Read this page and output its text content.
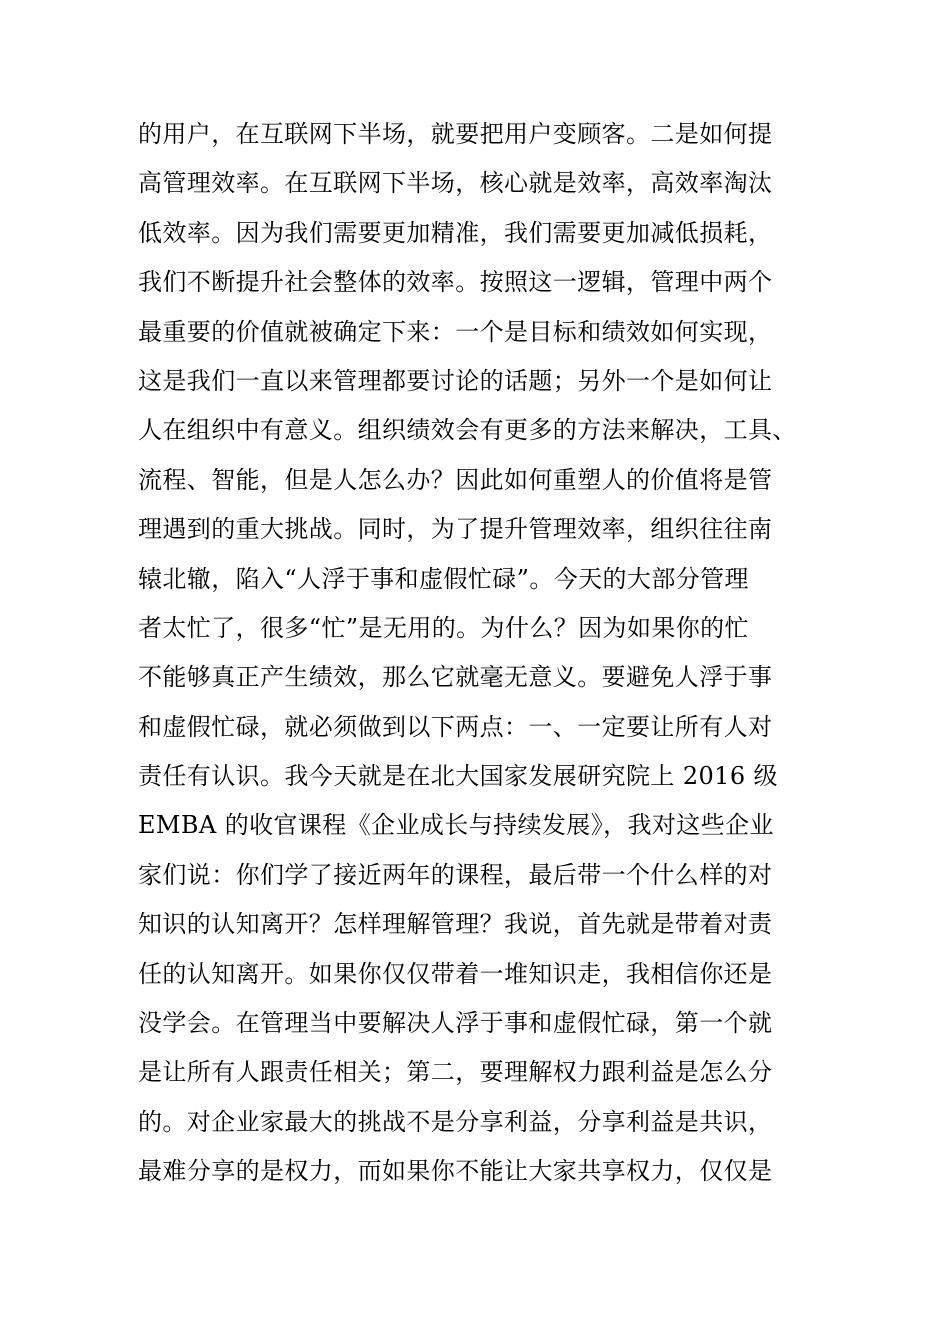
的用户，在互联网下半场，就要把用户变顾客。二是如何提
高管理效率。在互联网下半场，核心就是效率，高效率淘汰
低效率。因为我们需要更加精准，我们需要更加减低损耗，
我们不断提升社会整体的效率。按照这一逻辑，管理中两个
最重要的价值就被确定下来：一个是目标和绩效如何实现，
这是我们一直以来管理都要讨论的话题；另外一个是如何让
人在组织中有意义。组织绩效会有更多的方法来解决，工具、
流程、智能，但是人怎么办？因此如何重塑人的价值将是管
理遇到的重大挑战。同时，为了提升管理效率，组织往往南
辕北辙，陷入“人浮于事和虚假忙碌”。今天的大部分管理
者太忙了，很多“忙”是无用的。为什么？因为如果你的忙
不能够真正产生绩效，那么它就毫无意义。要避免人浮于事
和虚假忙碌，就必须做到以下两点：一、一定要让所有人对
责任有认识。我今天就是在北大国家发展研究院上 2016 级
EMBA 的收官课程《企业成长与持续发展》，我对这些企业
家们说：你们学了接近两年的课程，最后带一个什么样的对
知识的认知离开？怎样理解管理？我说，首先就是带着对责
任的认知离开。如果你仅仅带着一堆知识走，我相信你还是
没学会。在管理当中要解决人浮于事和虚假忙碌，第一个就
是让所有人跟责任相关；第二，要理解权力跟利益是怎么分
的。对企业家最大的挑战不是分享利益，分享利益是共识，
最难分享的是权力，而如果你不能让大家共享权力，仅仅是
